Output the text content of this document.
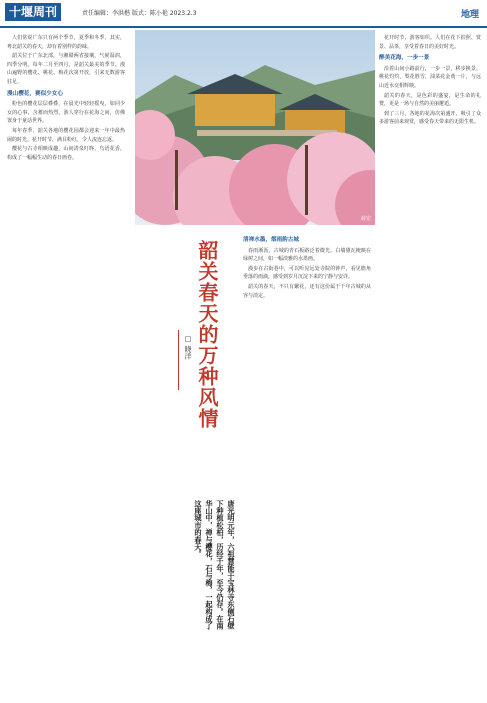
十堰周刊	责任编辑：李洪楷 版式：陈小艳 2023.2.3	地理

人们常说广东只有两个季节，夏季和冬季，其实，粤北韶关的春天，却有着别样的韵味。

韶关位于广东北部，与湘赣两省接壤，气候温润，四季分明。每年二月至四月，是韶关最美的季节。漫山遍野的樱花、桃花、梅花次第开放，引来无数游客驻足。

漫山樱花，赛似少女心

粉色的樱花层层叠叠，在晨光中轻轻摇曳，如同少女的心事，含蓄而热烈。游人穿行在花海之间，仿佛置身于童话世界。

每年春季，韶关各地的樱花园都会迎来一年中最热闹的时光。花开时节，满目粉红，令人流连忘返。

樱花与古寺相映成趣，山间清泉叮咚，鸟语花香，构成了一幅幅生动的春日画卷。

薛宏
韶关春天的万种风情
□ 晓洋
唐光明元年，六祖慧能于宝林寺东侧石壁下种植松柏，历经千年，至今仍存。在南华山中，禅与樱花，石与梅，一起构成了这座城市的春天。
清禅水墨，烟雨韵古城

春雨淅沥，古城的青石板路泛着微光。白墙黛瓦掩映在绿树之间，如一幅淡雅的水墨画。

漫步在古街巷中，可以听见远处寺院的钟声，看见檐角垂落的雨滴，感受到岁月沉淀下来的宁静与安详。

韶关的春天，不只有繁花，还有这份属于千年古城的从容与淡定。

花开时节，游客如织。人们在花下拍照、赏景、品茶，享受着春日的美好时光。

醉美花海，一步一景

沿着山间小路前行，一步一景，移步换景。桃花灼灼，梨花胜雪，油菜花金黄一片，与远山近水交相辉映。

韶关的春天，是色彩的盛宴，是生命的礼赞，更是一场与自然的美丽邂逅。

到了三月，各地的花海次第盛开，吸引了众多游客前来观赏，感受春天带来的无限生机。
